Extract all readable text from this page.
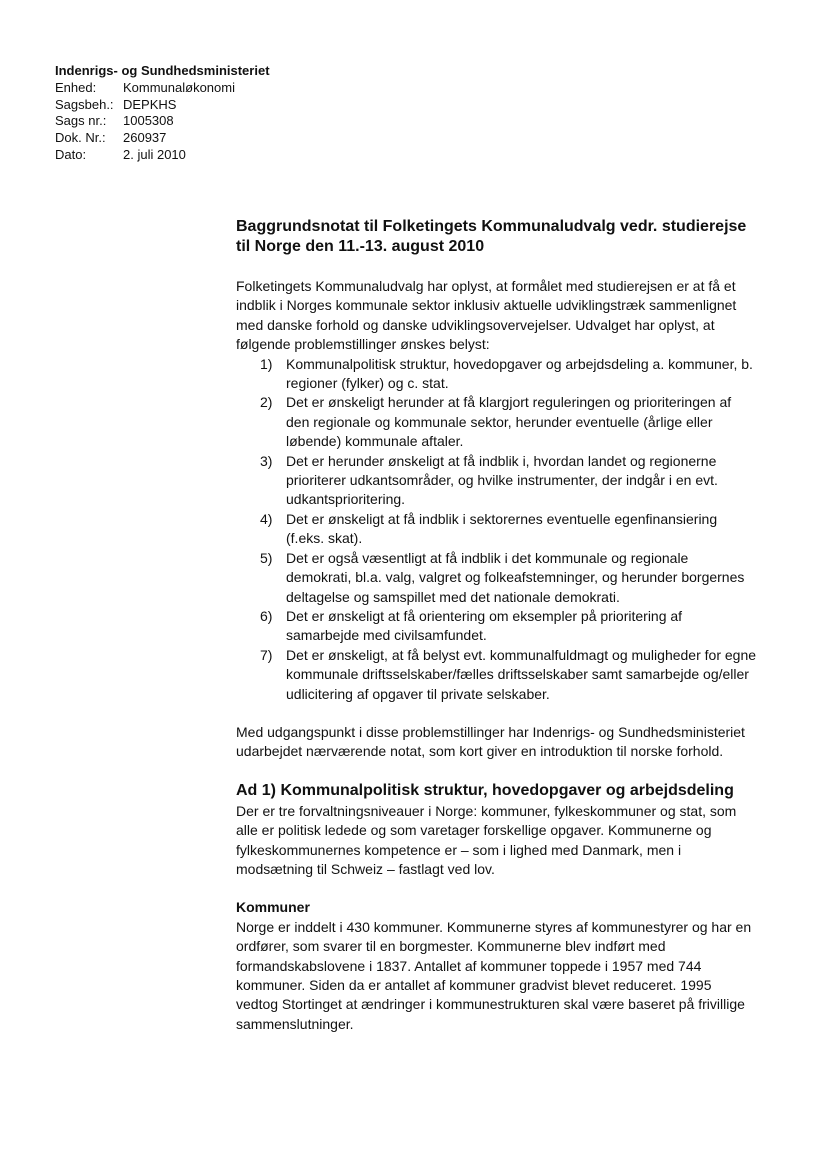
Indenrigs- og Sundhedsministeriet
Enhed:	Kommunaløkonomi
Sagsbeh.: DEPKHS
Sags nr.:	1005308
Dok. Nr.:	260937
Dato:	2. juli 2010
Baggrundsnotat til Folketingets Kommunaludvalg vedr. studierejse til Norge den 11.-13. august 2010

Folketingets Kommunaludvalg har oplyst, at formålet med studierejsen er at få et indblik i Norges kommunale sektor inklusiv aktuelle udviklingstræk sammenlignet med danske forhold og danske udviklingsovervejelser. Udvalget har oplyst, at følgende problemstillinger ønskes belyst:

1) Kommunalpolitisk struktur, hovedopgaver og arbejdsdeling a. kommuner, b. regioner (fylker) og c. stat.
2) Det er ønskeligt herunder at få klargjort reguleringen og prioriteringen af den regionale og kommunale sektor, herunder eventuelle (årlige eller løbende) kommunale aftaler.
3) Det er herunder ønskeligt at få indblik i, hvordan landet og regionerne prioriterer udkantsområder, og hvilke instrumenter, der indgår i en evt. udkantsprioritering.
4) Det er ønskeligt at få indblik i sektorernes eventuelle egenfinansiering (f.eks. skat).
5) Det er også væsentligt at få indblik i det kommunale og regionale demokrati, bl.a. valg, valgret og folkeafstemninger, og herunder borgernes deltagelse og samspillet med det nationale demokrati.
6) Det er ønskeligt at få orientering om eksempler på prioritering af samarbejde med civilsamfundet.
7) Det er ønskeligt, at få belyst evt. kommunalfuldmagt og muligheder for egne kommunale driftsselskaber/fælles driftsselskaber samt samarbejde og/eller udlicitering af opgaver til private selskaber.

Med udgangspunkt i disse problemstillinger har Indenrigs- og Sundhedsministeriet udarbejdet nærværende notat, som kort giver en introduktion til norske forhold.

Ad 1) Kommunalpolitisk struktur, hovedopgaver og arbejdsdeling

Der er tre forvaltningsniveauer i Norge: kommuner, fylkeskommuner og stat, som alle er politisk ledede og som varetager forskellige opgaver. Kommunerne og fylkeskommunernes kompetence er – som i lighed med Danmark, men i modsætning til Schweiz – fastlagt ved lov.

Kommuner

Norge er inddelt i 430 kommuner. Kommunerne styres af kommunestyrer og har en ordfører, som svarer til en borgmester. Kommunerne blev indført med formandskabslovene i 1837. Antallet af kommuner toppede i 1957 med 744 kommuner. Siden da er antallet af kommuner gradvist blevet reduceret. 1995 vedtog Stortinget at ændringer i kommunestrukturen skal være baseret på frivillige sammenslutninger.
